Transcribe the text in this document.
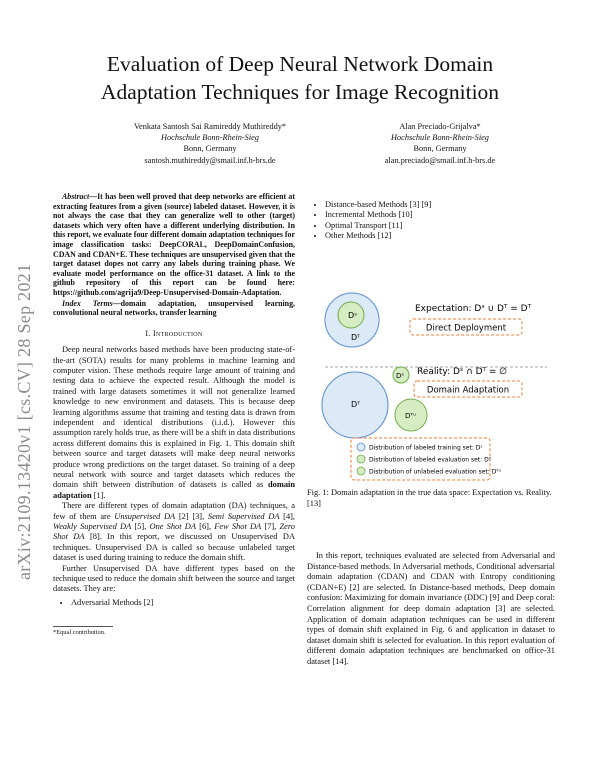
Evaluation of Deep Neural Network Domain
Adaptation Techniques for Image Recognition
Venkata Santosh Sai Ramireddy Muthireddy*
Hochschule Bonn-Rhein-Sieg
Bonn, Germany
santosh.muthireddy@smail.inf.h-brs.de
Alan Preciado-Grijalva*
Hochschule Bonn-Rhein-Sieg
Bonn, Germany
alan.preciado@smail.inf.h-brs.de
arXiv:2109.13420v1 [cs.CV] 28 Sep 2021

Abstract—It has been well proved that deep networks are efficient at extracting features from a given (source) labeled dataset. However, it is not always the case that they can generalize well to other (target) datasets which very often have a different underlying distribution. In this report, we evaluate four different domain adaptation techniques for image classification tasks: DeepCORAL, DeepDomainConfusion, CDAN and CDAN+E. These techniques are unsupervised given that the target dataset dopes not carry any labels during training phase. We evaluate model performance on the office-31 dataset. A link to the github repository of this report can be found here: https://github.com/agrija9/Deep-Unsupervised-Domain-Adaptation.

Index Terms—domain adaptation, unsupervised learning, convolutional neural networks, transfer learning

I. Introduction

Deep neural networks based methods have been producing state-of-the-art (SOTA) results for many problems in machine learning and computer vision. These methods require large amount of training and testing data to achieve the expected result. Although the model is trained with large datasets sometimes it will not generalize learned knowledge to new environment and datasets. This is because deep learning algorithms assume that training and testing data is drawn from independent and identical distributions (i.i.d.). However this assumption rarely holds true, as there will be a shift in data distributions across different domains this is explained in Fig. 1. This domain shift between source and target datasets will make deep neural networks produce wrong predictions on the target dataset. So training of a deep neural network with source and target datasets which reduces the domain shift between distribution of datasets is called as domain adaptation [1].

There are different types of domain adaptation (DA) techniques, a few of them are Unsupervised DA [2] [3], Semi Supervised DA [4], Weakly Supervised DA [5], One Shot DA [6], Few Shot DA [7], Zero Shot DA [8]. In this report, we discussed on Unsupervised DA techniques. Unsupervised DA is called so because unlabeled target dataset is used during training to reduce the domain shift.

Further Unsupervised DA have different types based on the technique used to reduce the domain shift between the source and target datasets. They are:

• Adversarial Methods [2]
*Equal contribution.
• Distance-based Methods [3] [9]
• Incremental Methods [10]
• Optimal Transport [11]
• Other Methods [12]
Dˢ
Dᵀ
Expectation: Dˢ ∪ Dᵀ = Dᵀ
Direct Deployment
Dᵀ
Dˢ
Dᵀᵘ
Reality: Dˢ ∩ Dᵀ = ∅
Domain Adaptation
Distribution of labeled training set: Dˢ
Distribution of labeled evaluation set: Dᵀ
Distribution of unlabeled evaluation set: Dᵀᵘ
Fig. 1: Domain adaptation in the true data space: Expectation vs. Reality. [13]

In this report, techniques evaluated are selected from Adversarial and Distance-based methods. In Adversarial methods, Conditional adversarial domain adaptation (CDAN) and CDAN with Entropy conditioning (CDAN+E) [2] are selected. In Distance-based methods, Deep domain confusion: Maximizing for domain invariance (DDC) [9] and Deep coral: Correlation alignment for deep domain adaptation [3] are selected. Application of domain adaptation techniques can be used in different types of domain shift explained in Fig. 6 and application in dataset to dataset domain shift is selected for evaluation. In this report evaluation of different domain adaptation techniques are benchmarked on office-31 dataset [14].
